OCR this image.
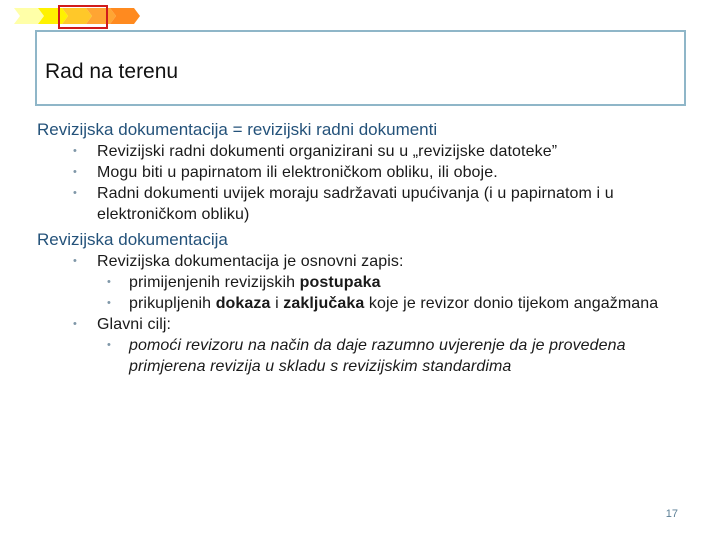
Rad na terenu

Revizijska dokumentacija = revizijski radni dokumenti

• Revizijski radni dokumenti organizirani su u „revizijske datoteke”
• Mogu biti u papirnatom ili elektroničkom obliku, ili oboje.
• Radni dokumenti uvijek moraju sadržavati upućivanja (i u papirnatom i u elektroničkom obliku)

Revizijska dokumentacija

• Revizijska dokumentacija je osnovni zapis:
• primijenjenih revizijskih postupaka
• prikupljenih dokaza i zaključaka koje je revizor donio tijekom angažmana
• Glavni cilj:
• pomoći revizoru na način da daje razumno uvjerenje da je provedena primjerena revizija u skladu s revizijskim standardima
17
